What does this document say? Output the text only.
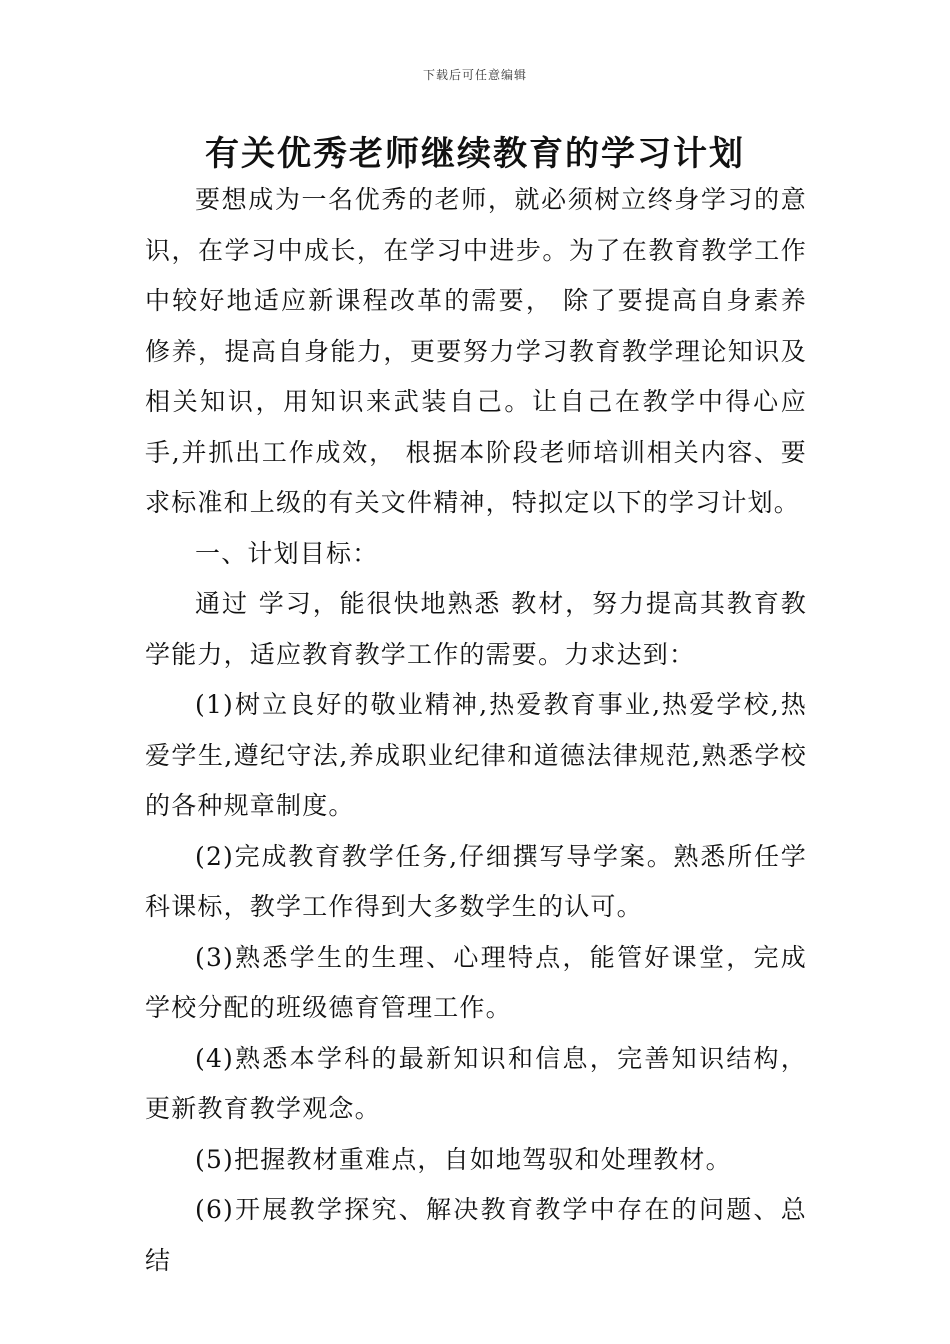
下载后可任意编辑
有关优秀老师继续教育的学习计划

要想成为一名优秀的老师，就必须树立终身学习的意识，在学习中成长，在学习中进步。为了在教育教学工作中较好地适应新课程改革的需要， 除了要提高自身素养修养，提高自身能力，更要努力学习教育教学理论知识及相关知识，用知识来武装自己。让自己在教学中得心应手,并抓出工作成效， 根据本阶段老师培训相关内容、要求标准和上级的有关文件精神，特拟定以下的学习计划。

一、计划目标：

通过 学习，能很快地熟悉 教材，努力提高其教育教学能力，适应教育教学工作的需要。力求达到：

(1)树立良好的敬业精神,热爱教育事业,热爱学校,热爱学生,遵纪守法,养成职业纪律和道德法律规范,熟悉学校的各种规章制度。

(2)完成教育教学任务,仔细撰写导学案。熟悉所任学科课标，教学工作得到大多数学生的认可。

(3)熟悉学生的生理、心理特点，能管好课堂，完成学校分配的班级德育管理工作。

(4)熟悉本学科的最新知识和信息，完善知识结构，更新教育教学观念。

(5)把握教材重难点，自如地驾驭和处理教材。

(6)开展教学探究、解决教育教学中存在的问题、总结
